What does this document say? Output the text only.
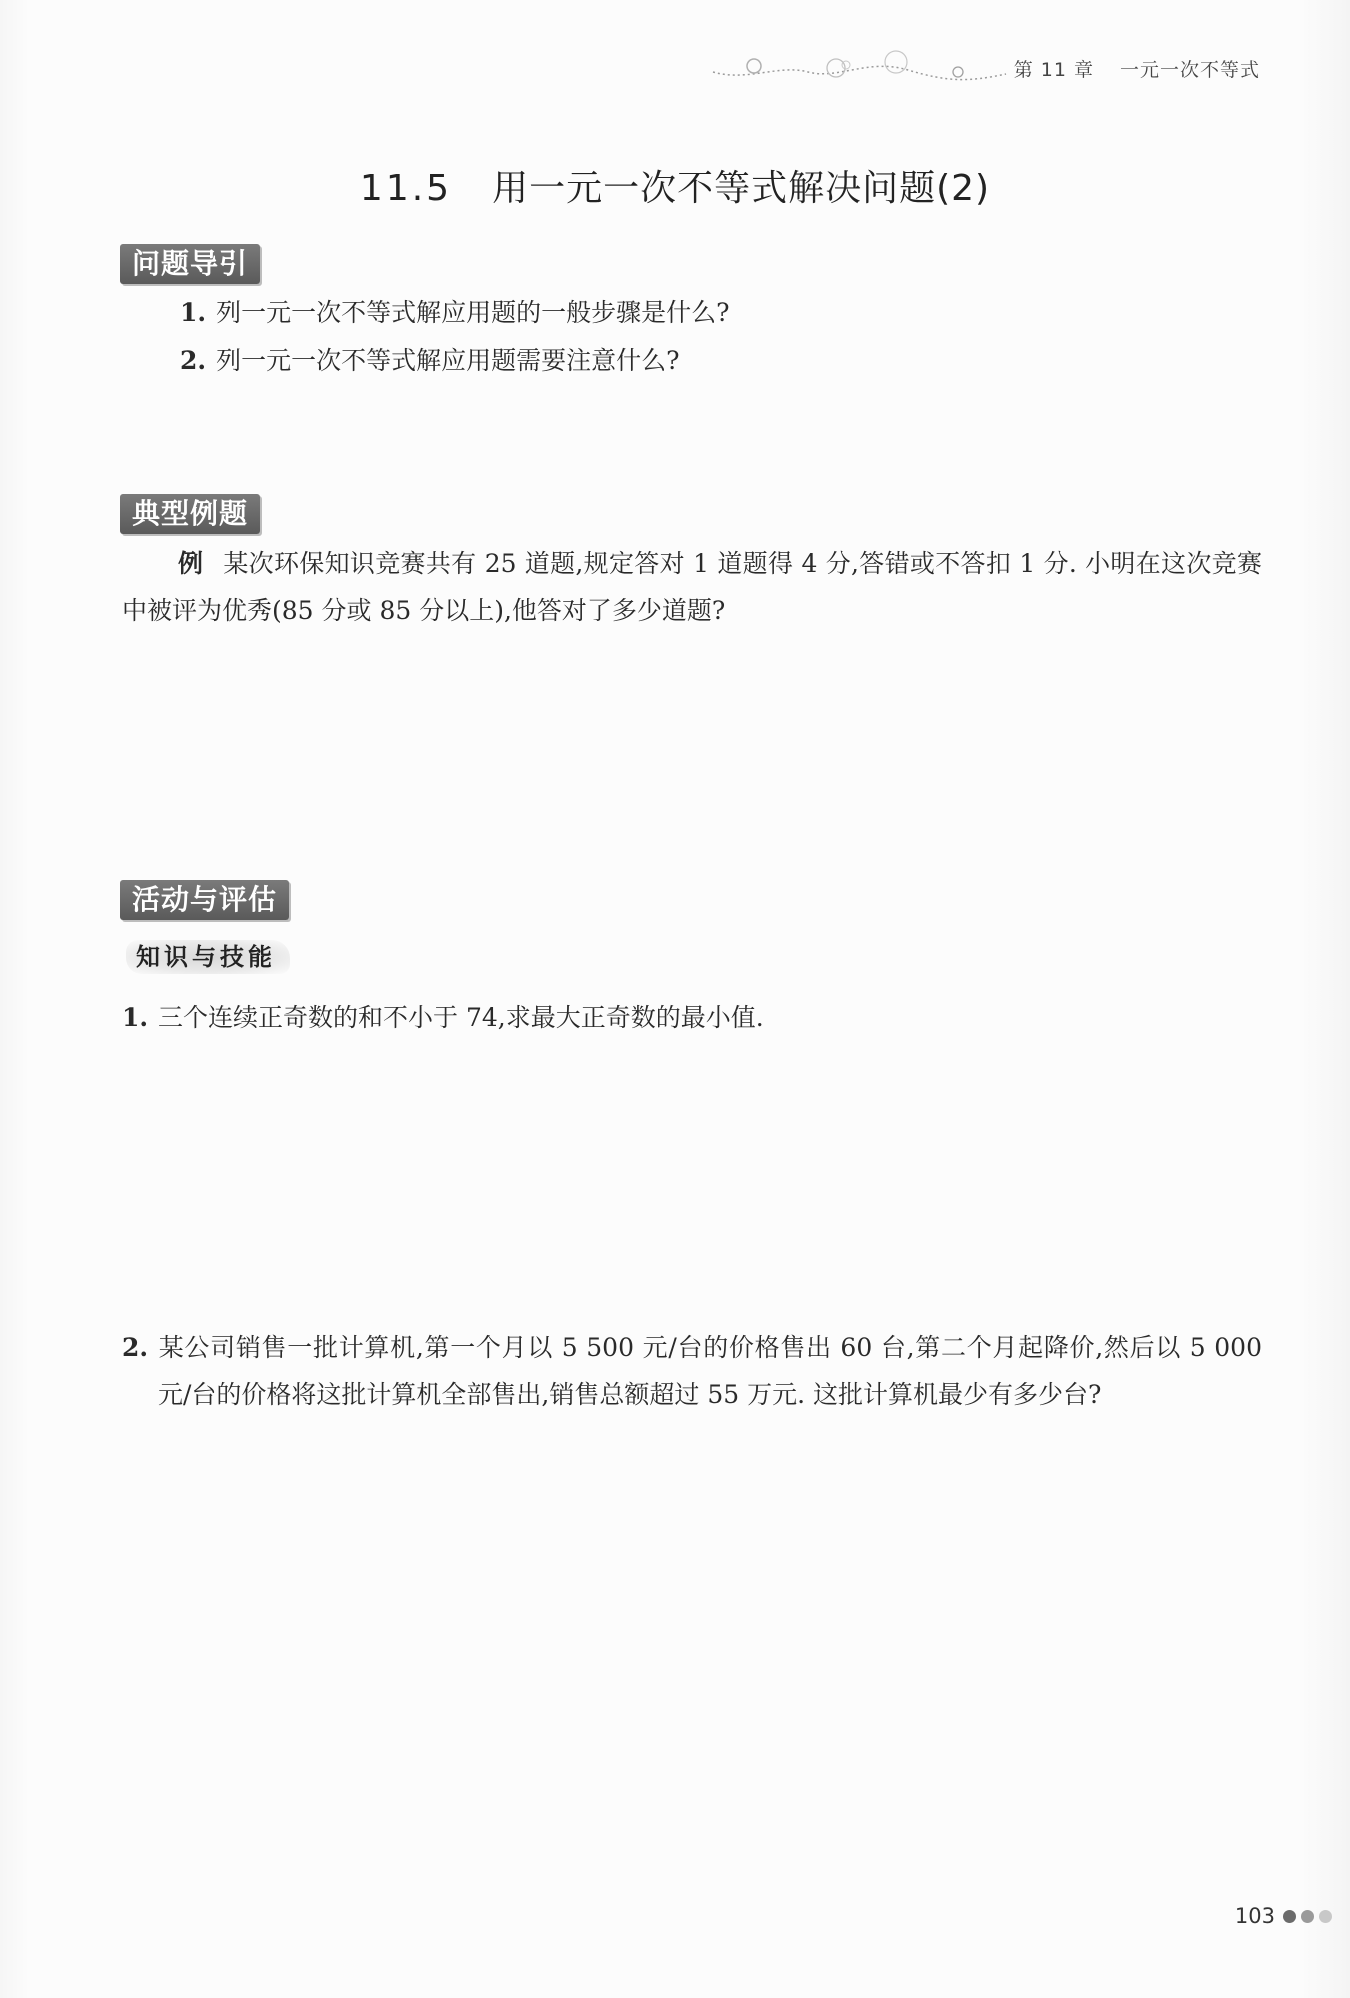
第 11 章 一元一次不等式
11.5 用一元一次不等式解决问题(2)
问题导引
1. 列一元一次不等式解应用题的一般步骤是什么?
2. 列一元一次不等式解应用题需要注意什么?
典型例题
例 某次环保知识竞赛共有 25 道题,规定答对 1 道题得 4 分,答错或不答扣 1 分. 小明在这次竞赛中被评为优秀(85 分或 85 分以上),他答对了多少道题?
活动与评估
知识与技能
1. 三个连续正奇数的和不小于 74,求最大正奇数的最小值.
2. 某公司销售一批计算机,第一个月以 5 500 元/台的价格售出 60 台,第二个月起降价,然后以 5 000 元/台的价格将这批计算机全部售出,销售总额超过 55 万元. 这批计算机最少有多少台?
103
